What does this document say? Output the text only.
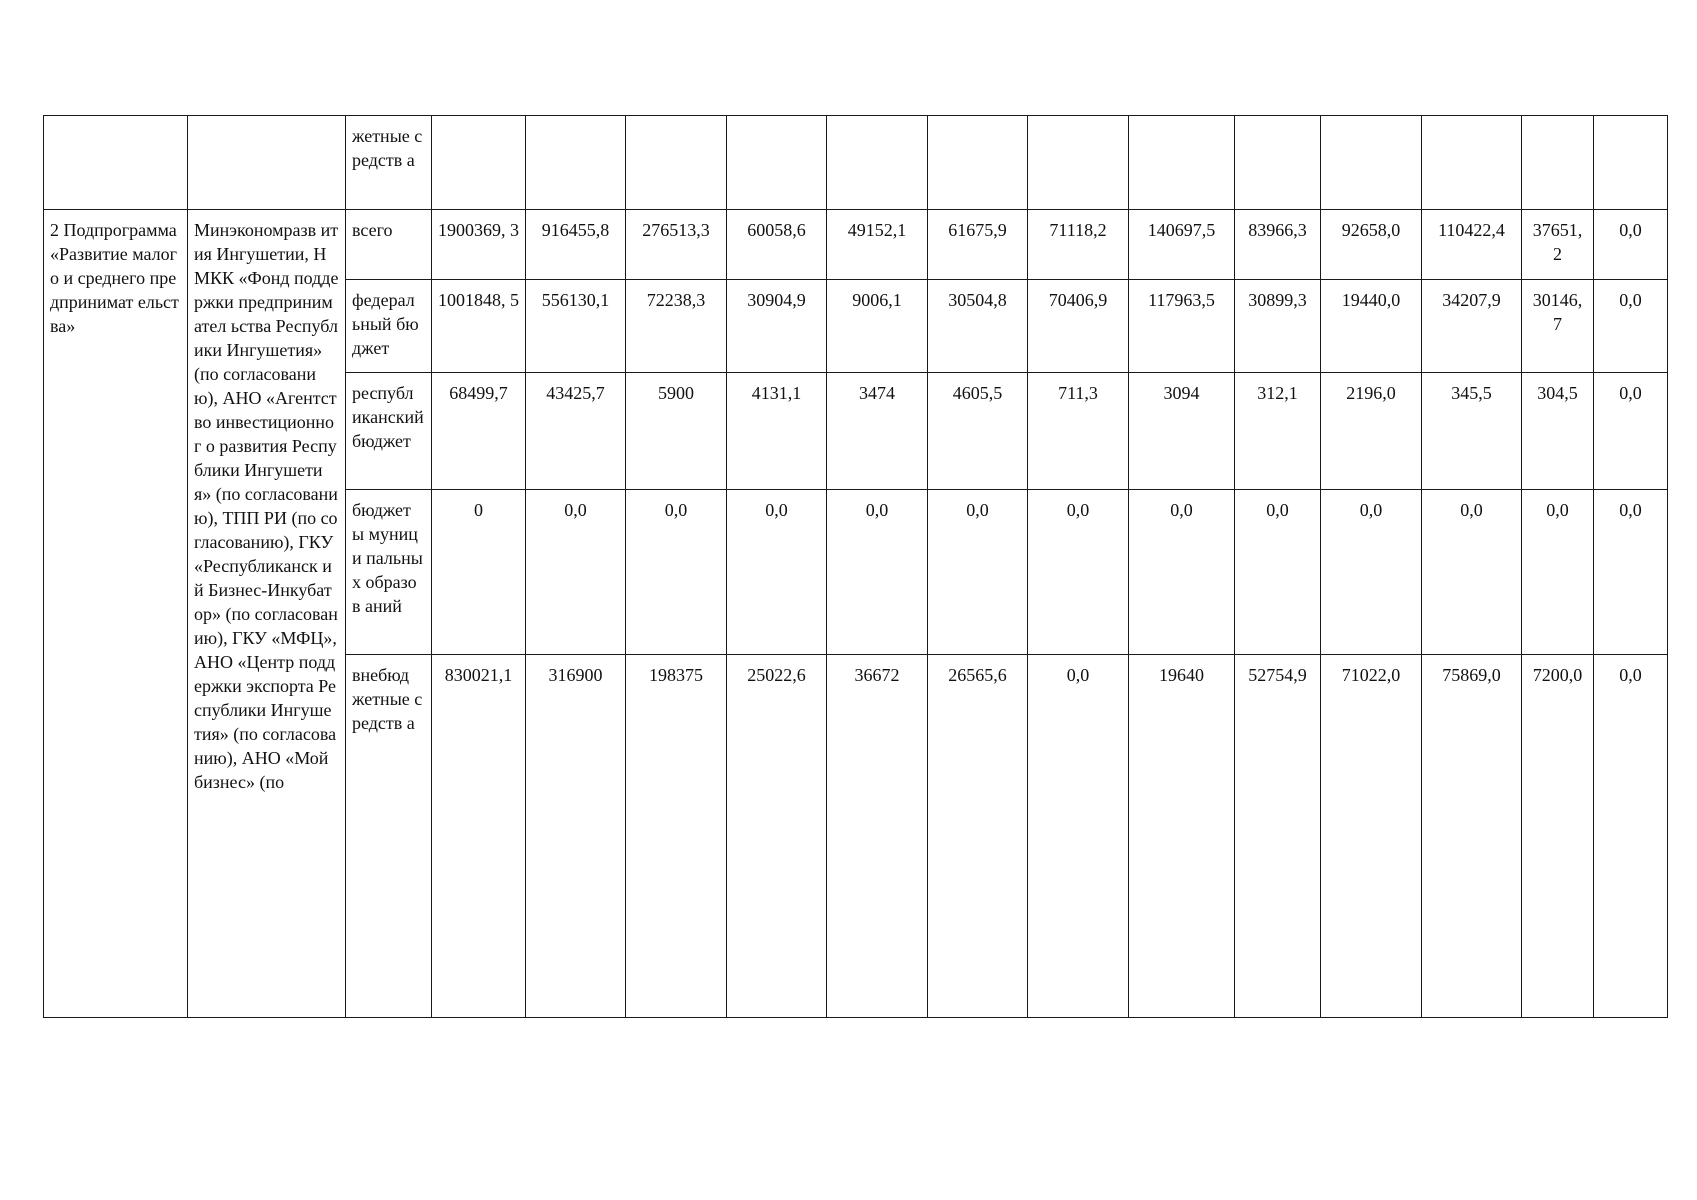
		жетные средств а													
2 Подпрограмма «Развитие малого и среднего предпринимат ельства»	Минэкономразв ития Ингушетии, НМКК «Фонд поддержки предпринимател ьства Республики Ингушетия» (по согласованию), АНО «Агентство инвестиционног о развития Республики Ингушетия» (по согласованию), ТПП РИ (по согласованию), ГКУ «Республиканск ий Бизнес-Инкубатор» (по согласованию), ГКУ «МФЦ», АНО «Центр поддержки экспорта Республики Ингушетия» (по согласованию), АНО «Мой бизнес» (по	всего	1900369, 3	916455,8	276513,3	60058,6	49152,1	61675,9	71118,2	140697,5	83966,3	92658,0	110422,4	37651, 2	0,0
		федерал ьный бюджет	1001848, 5	556130,1	72238,3	30904,9	9006,1	30504,8	70406,9	117963,5	30899,3	19440,0	34207,9	30146, 7	0,0
		республ иканский бюджет	68499,7	43425,7	5900	4131,1	3474	4605,5	711,3	3094	312,1	2196,0	345,5	304,5	0,0
		бюджет ы муници пальных образов аний	0	0,0	0,0	0,0	0,0	0,0	0,0	0,0	0,0	0,0	0,0	0,0	0,0
		внебюд жетные средств а	830021,1	316900	198375	25022,6	36672	26565,6	0,0	19640	52754,9	71022,0	75869,0	7200,0	0,0
